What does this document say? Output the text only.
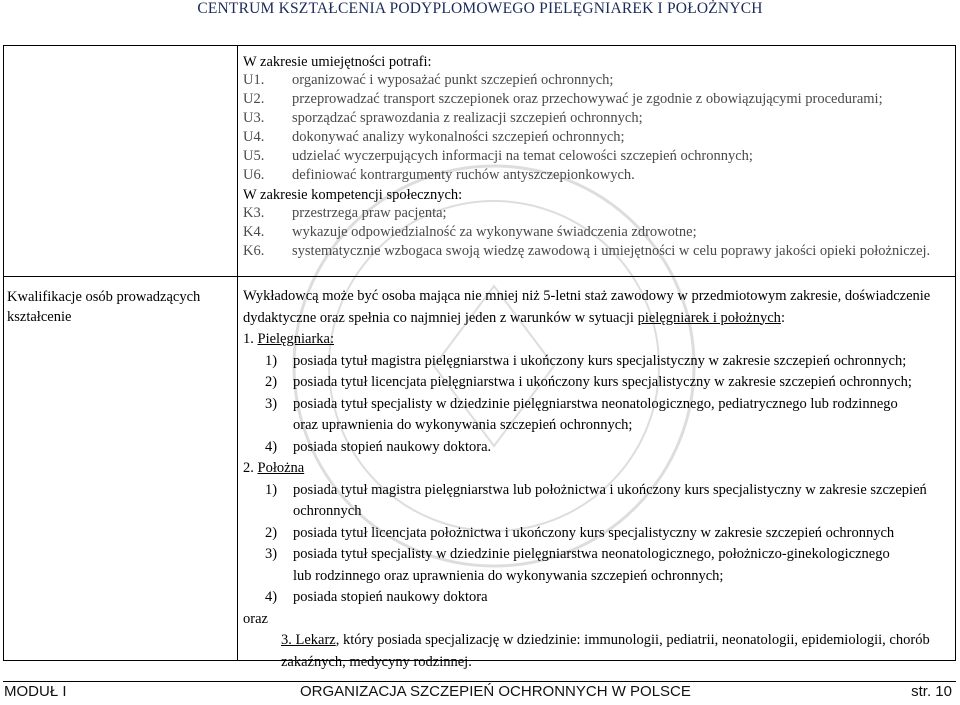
CENTRUM KSZTAŁCENIA PODYPLOMOWEGO PIELĘGNIAREK I POŁOŻNYCH
Kwalifikacje osób prowadzących kształcenie
W zakresie umiejętności potrafi:
U1. organizować i wyposażać punkt szczepień ochronnych;
U2. przeprowadzać transport szczepionek oraz przechowywać je zgodnie z obowiązującymi procedurami;
U3. sporządzać sprawozdania z realizacji szczepień ochronnych;
U4. dokonywać analizy wykonalności szczepień ochronnych;
U5. udzielać wyczerpujących informacji na temat celowości szczepień ochronnych;
U6. definiować kontrargumenty ruchów antyszczepionkowych.
W zakresie kompetencji społecznych:
K3. przestrzega praw pacjenta;
K4. wykazuje odpowiedzialność za wykonywane świadczenia zdrowotne;
K6. systematycznie wzbogaca swoją wiedzę zawodową i umiejętności w celu poprawy jakości opieki położniczej.
Wykładowcą może być osoba mająca nie mniej niż 5-letni staż zawodowy w przedmiotowym zakresie, doświadczenie
dydaktyczne oraz spełnia co najmniej jeden z warunków w sytuacji pielęgniarek i położnych:
1. Pielęgniarka:
1) posiada tytuł magistra pielęgniarstwa i ukończony kurs specjalistyczny w zakresie szczepień ochronnych;
2) posiada tytuł licencjata pielęgniarstwa i ukończony kurs specjalistyczny w zakresie szczepień ochronnych;
3) posiada tytuł specjalisty w dziedzinie pielęgniarstwa neonatologicznego, pediatrycznego lub rodzinnego
oraz uprawnienia do wykonywania szczepień ochronnych;
4) posiada stopień naukowy doktora.
2. Położna
1) posiada tytuł magistra pielęgniarstwa lub położnictwa i ukończony kurs specjalistyczny w zakresie szczepień
ochronnych
2) posiada tytuł licencjata położnictwa i ukończony kurs specjalistyczny w zakresie szczepień ochronnych
3) posiada tytuł specjalisty w dziedzinie pielęgniarstwa neonatologicznego, położniczo-ginekologicznego
lub rodzinnego oraz uprawnienia do wykonywania szczepień ochronnych;
4) posiada stopień naukowy doktora
oraz
3. Lekarz, który posiada specjalizację w dziedzinie: immunologii, pediatrii, neonatologii, epidemiologii, chorób
zakaźnych, medycyny rodzinnej.
MODUŁ I	ORGANIZACJA SZCZEPIEŃ OCHRONNYCH W POLSCE	str. 10
